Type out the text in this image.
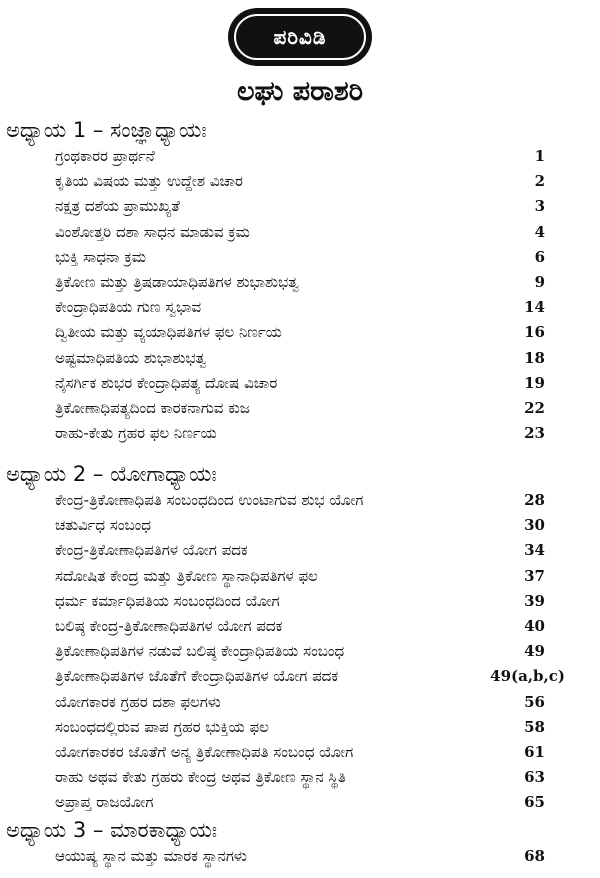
ಪರಿವಿಡಿ
ಲಘು ಪರಾಶರಿ
ಅಧ್ಯಾಯ 1 – ಸಂಜ್ಞಾಧ್ಯಾಯಃ
ಗ್ರಂಥಕಾರರ ಪ್ರಾರ್ಥನೆ	1
ಕೃತಿಯ ವಿಷಯ ಮತ್ತು ಉದ್ದೇಶ ವಿಚಾರ	2
ನಕ್ಷತ್ರ ದಶೆಯ ಪ್ರಾಮುಖ್ಯತೆ	3
ವಿಂಶೋತ್ತರಿ ದಶಾ ಸಾಧನ ಮಾಡುವ ಕ್ರಮ	4
ಭುಕ್ತಿ ಸಾಧನಾ ಕ್ರಮ	6
ತ್ರಿಕೋಣ ಮತ್ತು ತ್ರಿಷಡಾಯಾಧಿಪತಿಗಳ ಶುಭಾಶುಭತ್ವ	9
ಕೇಂದ್ರಾಧಿಪತಿಯ ಗುಣ ಸ್ವಭಾವ	14
ದ್ವಿತೀಯ ಮತ್ತು ವ್ಯಯಾಧಿಪತಿಗಳ ಫಲ ನಿರ್ಣಯ	16
ಅಷ್ಟಮಾಧಿಪತಿಯ ಶುಭಾಶುಭತ್ವ	18
ನೈಸರ್ಗಿಕ ಶುಭರ ಕೇಂದ್ರಾಧಿಪತ್ಯ ದೋಷ ವಿಚಾರ	19
ತ್ರಿಕೋಣಾಧಿಪತ್ಯದಿಂದ ಕಾರಕನಾಗುವ ಕುಜ	22
ರಾಹು-ಕೇತು ಗ್ರಹರ ಫಲ ನಿರ್ಣಯ	23
ಅಧ್ಯಾಯ 2 – ಯೋಗಾಧ್ಯಾಯಃ
ಕೇಂದ್ರ-ತ್ರಿಕೋಣಾಧಿಪತಿ ಸಂಬಂಧದಿಂದ ಉಂಟಾಗುವ ಶುಭ ಯೋಗ	28
ಚತುರ್ವಿಧ ಸಂಬಂಧ	30
ಕೇಂದ್ರ-ತ್ರಿಕೋಣಾಧಿಪತಿಗಳ ಯೋಗ ಪದಕ	34
ಸದೋಷಿತ ಕೇಂದ್ರ ಮತ್ತು ತ್ರಿಕೋಣ ಸ್ಥಾನಾಧಿಪತಿಗಳ ಫಲ	37
ಧರ್ಮ ಕರ್ಮಾಧಿಪತಿಯ ಸಂಬಂಧದಿಂದ ಯೋಗ	39
ಬಲಿಷ್ಠ ಕೇಂದ್ರ-ತ್ರಿಕೋಣಾಧಿಪತಿಗಳ ಯೋಗ ಪದಕ	40
ತ್ರಿಕೋಣಾಧಿಪತಿಗಳ ನಡುವೆ ಬಲಿಷ್ಠ ಕೇಂದ್ರಾಧಿಪತಿಯ ಸಂಬಂಧ	49
ತ್ರಿಕೋಣಾಧಿಪತಿಗಳ ಜೊತೆಗೆ ಕೇಂದ್ರಾಧಿಪತಿಗಳ ಯೋಗ ಪದಕ	49(a,b,c)
ಯೋಗಕಾರಕ ಗ್ರಹರ ದಶಾ ಫಲಗಳು	56
ಸಂಬಂಧದಲ್ಲಿರುವ ಪಾಪ ಗ್ರಹರ ಭುಕ್ತಿಯ ಫಲ	58
ಯೋಗಕಾರಕರ ಜೊತೆಗೆ ಅನ್ಯ ತ್ರಿಕೋಣಾಧಿಪತಿ ಸಂಬಂಧ ಯೋಗ	61
ರಾಹು ಅಥವ ಕೇತು ಗ್ರಹರು ಕೇಂದ್ರ ಅಥವ ತ್ರಿಕೋಣ ಸ್ಥಾನ ಸ್ಥಿತಿ	63
ಅಪ್ರಾಪ್ತ ರಾಜಯೋಗ	65
ಅಧ್ಯಾಯ 3 – ಮಾರಕಾಧ್ಯಾಯಃ
ಆಯುಷ್ಯ ಸ್ಥಾನ ಮತ್ತು ಮಾರಕ ಸ್ಥಾನಗಳು	68
